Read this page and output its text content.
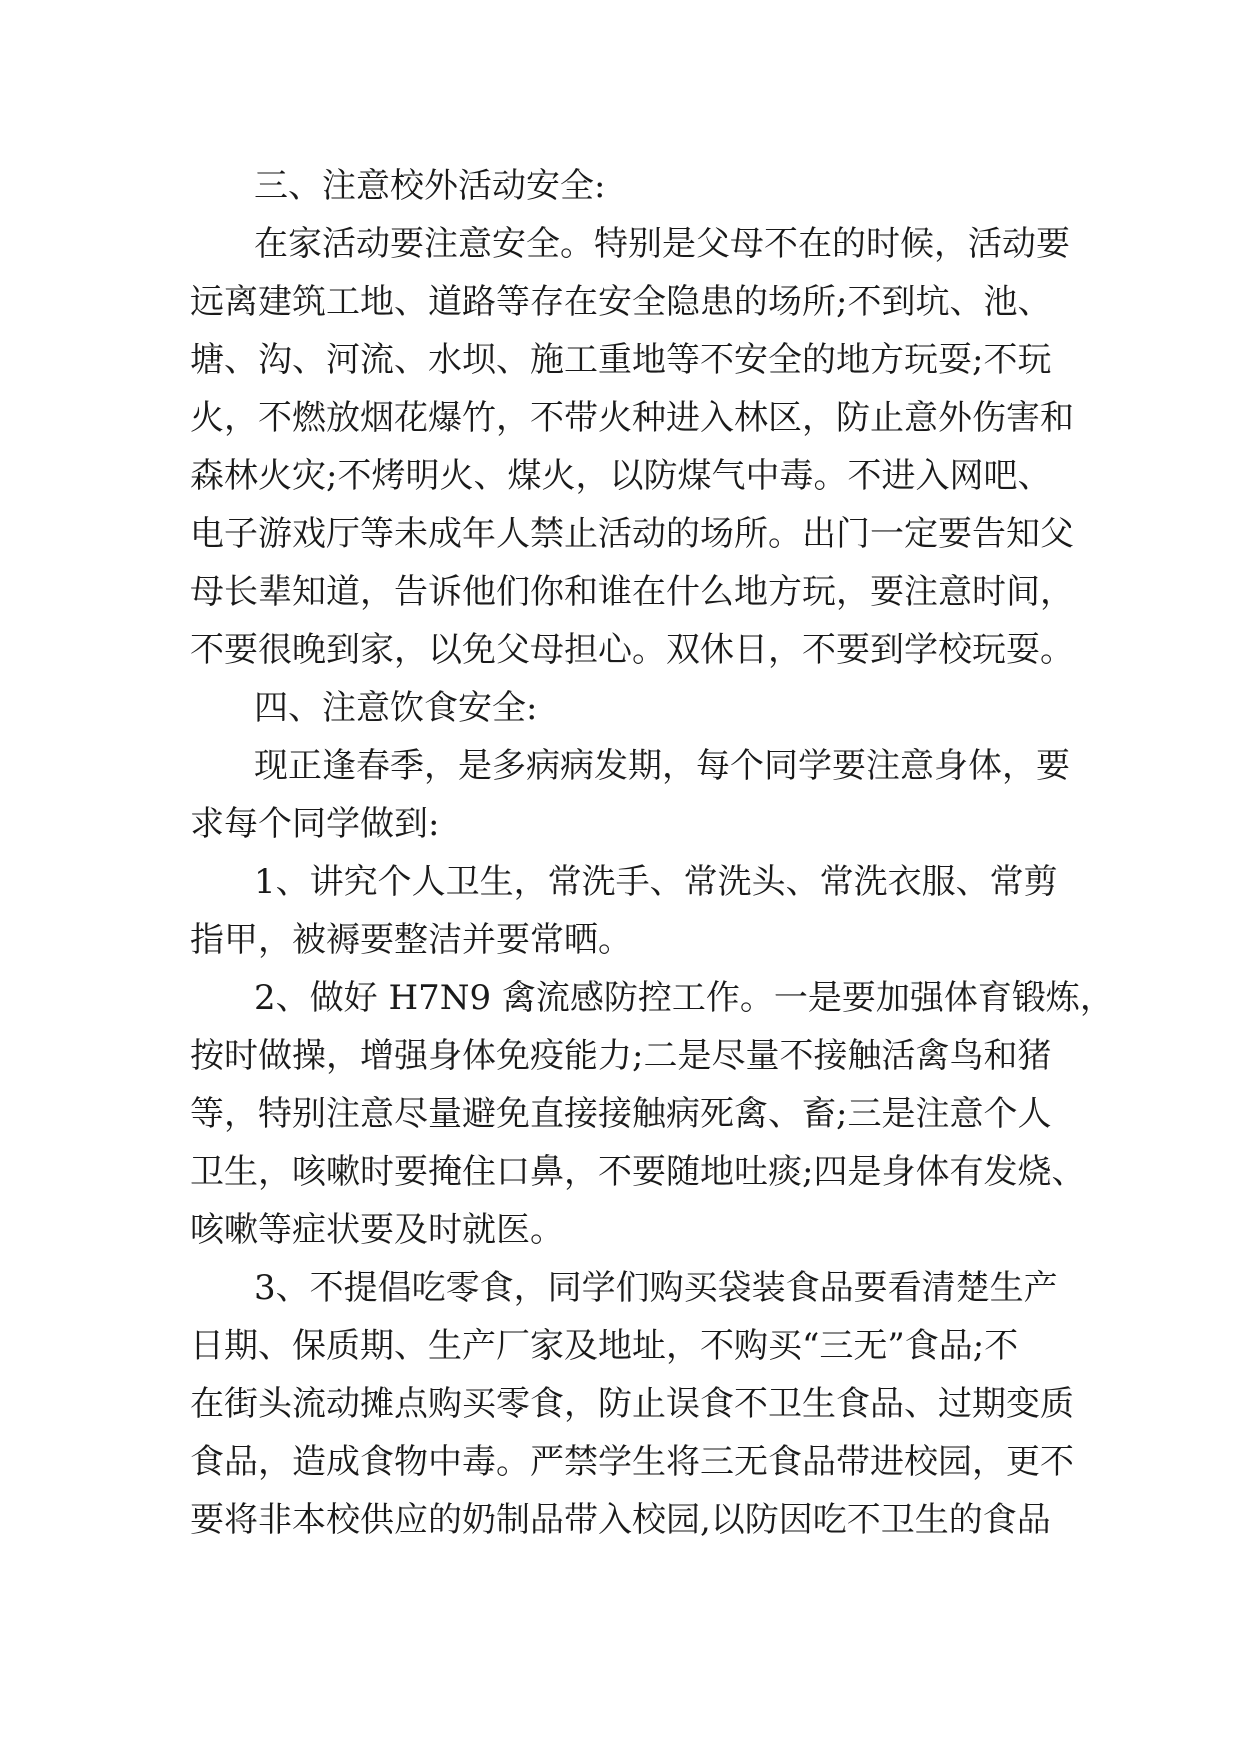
三、注意校外活动安全:
在家活动要注意安全。特别是父母不在的时候，活动要
远离建筑工地、道路等存在安全隐患的场所;不到坑、池、
塘、沟、河流、水坝、施工重地等不安全的地方玩耍;不玩
火，不燃放烟花爆竹，不带火种进入林区，防止意外伤害和
森林火灾;不烤明火、煤火，以防煤气中毒。不进入网吧、
电子游戏厅等未成年人禁止活动的场所。出门一定要告知父
母长辈知道，告诉他们你和谁在什么地方玩，要注意时间，
不要很晚到家，以免父母担心。双休日，不要到学校玩耍。
四、注意饮食安全:
现正逢春季，是多病病发期，每个同学要注意身体，要
求每个同学做到:
1、讲究个人卫生，常洗手、常洗头、常洗衣服、常剪
指甲，被褥要整洁并要常晒。
2、做好 H7N9 禽流感防控工作。一是要加强体育锻炼，
按时做操，增强身体免疫能力;二是尽量不接触活禽鸟和猪
等，特别注意尽量避免直接接触病死禽、畜;三是注意个人
卫生，咳嗽时要掩住口鼻，不要随地吐痰;四是身体有发烧、
咳嗽等症状要及时就医。
3、不提倡吃零食，同学们购买袋装食品要看清楚生产
日期、保质期、生产厂家及地址，不购买“三无”食品;不
在街头流动摊点购买零食，防止误食不卫生食品、过期变质
食品，造成食物中毒。严禁学生将三无食品带进校园，更不
要将非本校供应的奶制品带入校园,以防因吃不卫生的食品
